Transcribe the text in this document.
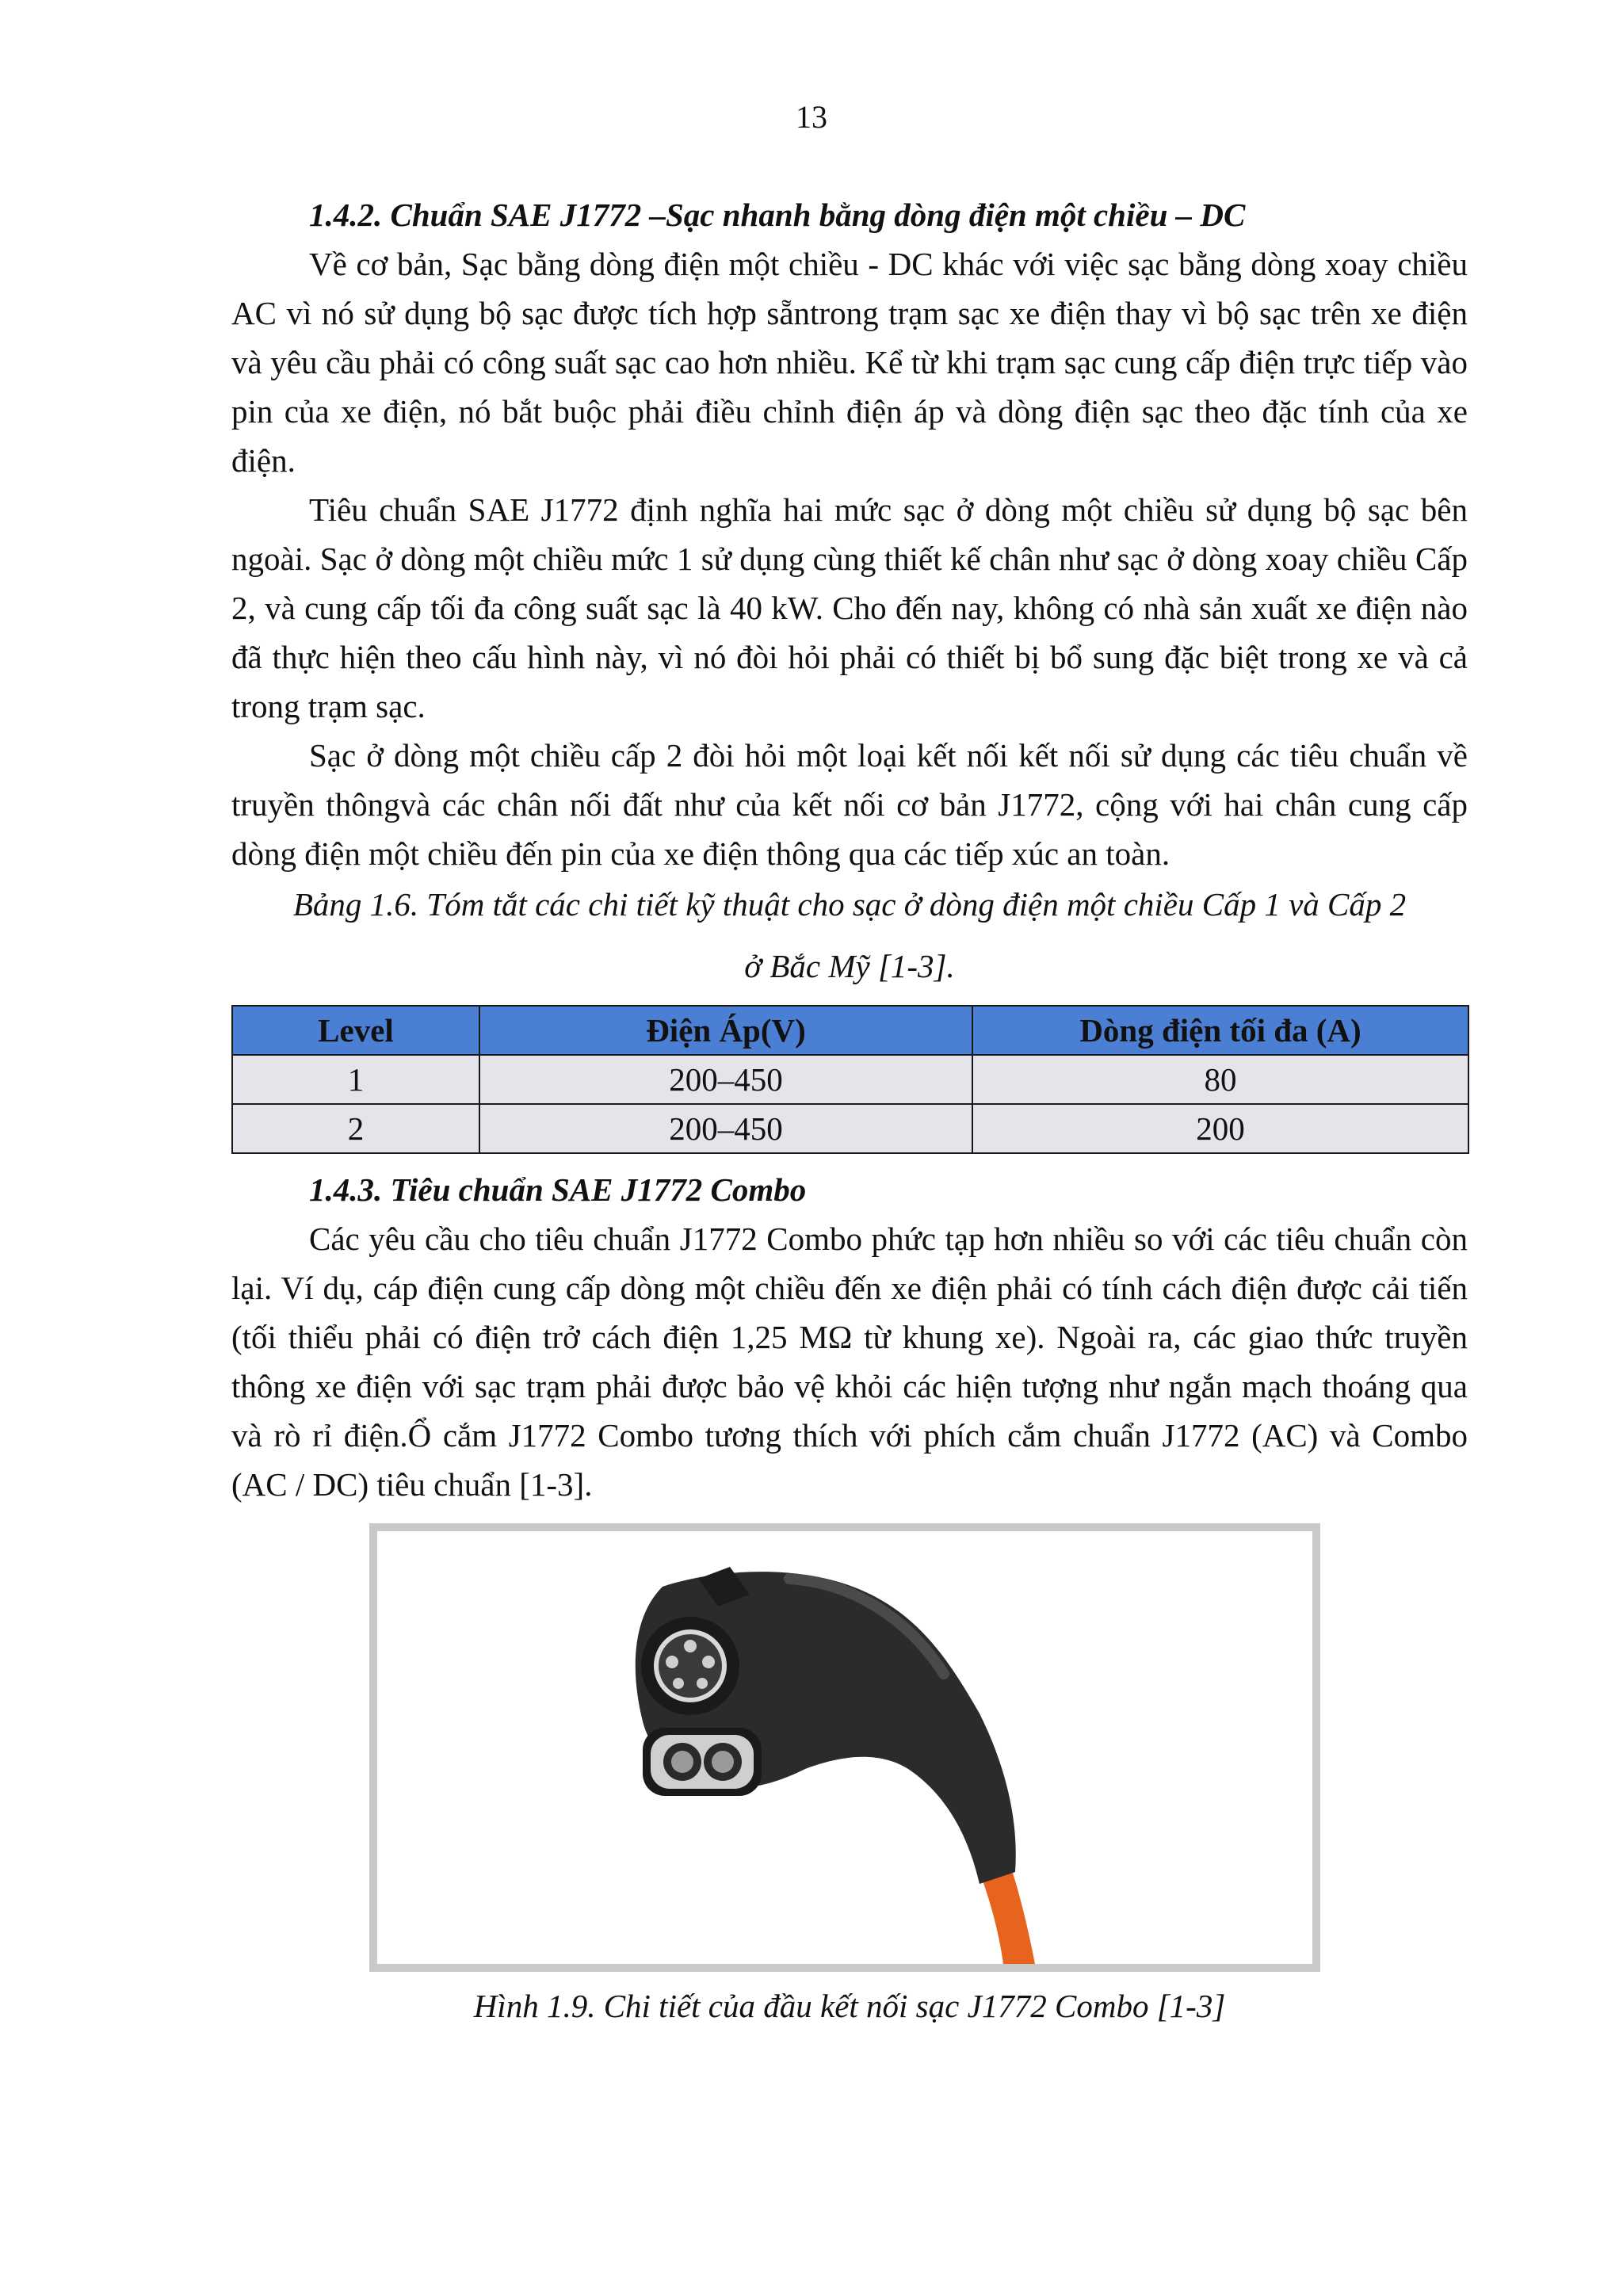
13

1.4.2. Chuẩn SAE J1772 –Sạc nhanh bằng dòng điện một chiều – DC

Về cơ bản, Sạc bằng dòng điện một chiều - DC khác với việc sạc bằng dòng xoay chiều AC vì nó sử dụng bộ sạc được tích hợp sẵntrong trạm sạc xe điện thay vì bộ sạc trên xe điện và yêu cầu phải có công suất sạc cao hơn nhiều. Kể từ khi trạm sạc cung cấp điện trực tiếp vào pin của xe điện, nó bắt buộc phải điều chỉnh điện áp và dòng điện sạc theo đặc tính của xe điện.

Tiêu chuẩn SAE J1772 định nghĩa hai mức sạc ở dòng một chiều sử dụng bộ sạc bên ngoài. Sạc ở dòng một chiều mức 1 sử dụng cùng thiết kế chân như sạc ở dòng xoay chiều Cấp 2, và cung cấp tối đa công suất sạc là 40 kW. Cho đến nay, không có nhà sản xuất xe điện nào đã thực hiện theo cấu hình này, vì nó đòi hỏi phải có thiết bị bổ sung đặc biệt trong xe và cả trong trạm sạc.

Sạc ở dòng một chiều cấp 2 đòi hỏi một loại kết nối kết nối sử dụng các tiêu chuẩn về truyền thôngvà các chân nối đất như của kết nối cơ bản J1772, cộng với hai chân cung cấp dòng điện một chiều đến pin của xe điện thông qua các tiếp xúc an toàn.

Bảng 1.6. Tóm tắt các chi tiết kỹ thuật cho sạc ở dòng điện một chiều Cấp 1 và Cấp 2
ở Bắc Mỹ [1-3].

Level	Điện Áp(V)	Dòng điện tối đa (A)
1	200–450	80
2	200–450	200

1.4.3. Tiêu chuẩn SAE J1772 Combo

Các yêu cầu cho tiêu chuẩn J1772 Combo phức tạp hơn nhiều so với các tiêu chuẩn còn lại. Ví dụ, cáp điện cung cấp dòng một chiều đến xe điện phải có tính cách điện được cải tiến (tối thiểu phải có điện trở cách điện 1,25 MΩ từ khung xe). Ngoài ra, các giao thức truyền thông xe điện với sạc trạm phải được bảo vệ khỏi các hiện tượng như ngắn mạch thoáng qua và rò rỉ điện.Ổ cắm J1772 Combo tương thích với phích cắm chuẩn J1772 (AC) và Combo (AC / DC) tiêu chuẩn [1-3].

Hình 1.9. Chi tiết của đầu kết nối sạc J1772 Combo [1-3]
